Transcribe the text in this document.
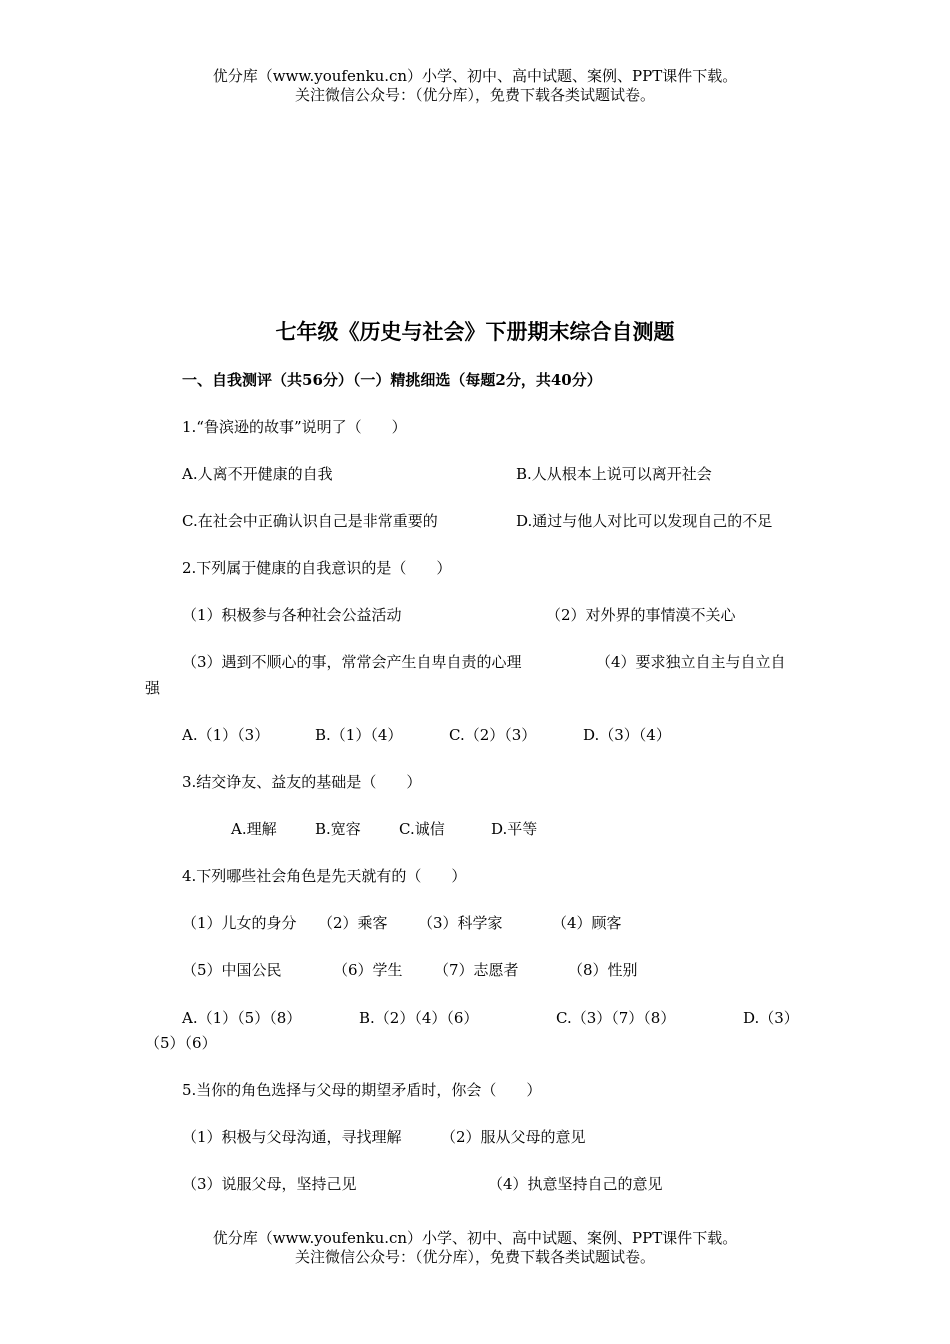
优分库（www.youfenku.cn）小学、初中、高中试题、案例、PPT课件下载。
关注微信公众号：（优分库），免费下载各类试题试卷。
七年级《历史与社会》下册期末综合自测题
一、自我测评（共56分）（一）精挑细选（每题2分，共40分）
1.“鲁滨逊的故事”说明了（　　）
A.人离不开健康的自我	B.人从根本上说可以离开社会
C.在社会中正确认识自己是非常重要的	D.通过与他人对比可以发现自己的不足
2.下列属于健康的自我意识的是（　　）
（1）积极参与各种社会公益活动	（2）对外界的事情漠不关心
（3）遇到不顺心的事，常常会产生自卑自责的心理	（4）要求独立自主与自立自
强
A.（1）（3）	B.（1）（4）	C.（2）（3）	D.（3）（4）
3.结交诤友、益友的基础是（　　）
A.理解	B.宽容	C.诚信	D.平等
4.下列哪些社会角色是先天就有的（　　）
（1）儿女的身分 （2）乘客 （3）科学家	（4）顾客
（5）中国公民	（6）学生 （7）志愿者	（8）性别
A.（1）（5）（8）	B.（2）（4）（6）	C.（3）（7）（8）	D.（3）
（5）（6）
5.当你的角色选择与父母的期望矛盾时，你会（　　）
（1）积极与父母沟通，寻找理解	（2）服从父母的意见
（3）说服父母，坚持己见	（4）执意坚持自己的意见
优分库（www.youfenku.cn）小学、初中、高中试题、案例、PPT课件下载。
关注微信公众号：（优分库），免费下载各类试题试卷。
